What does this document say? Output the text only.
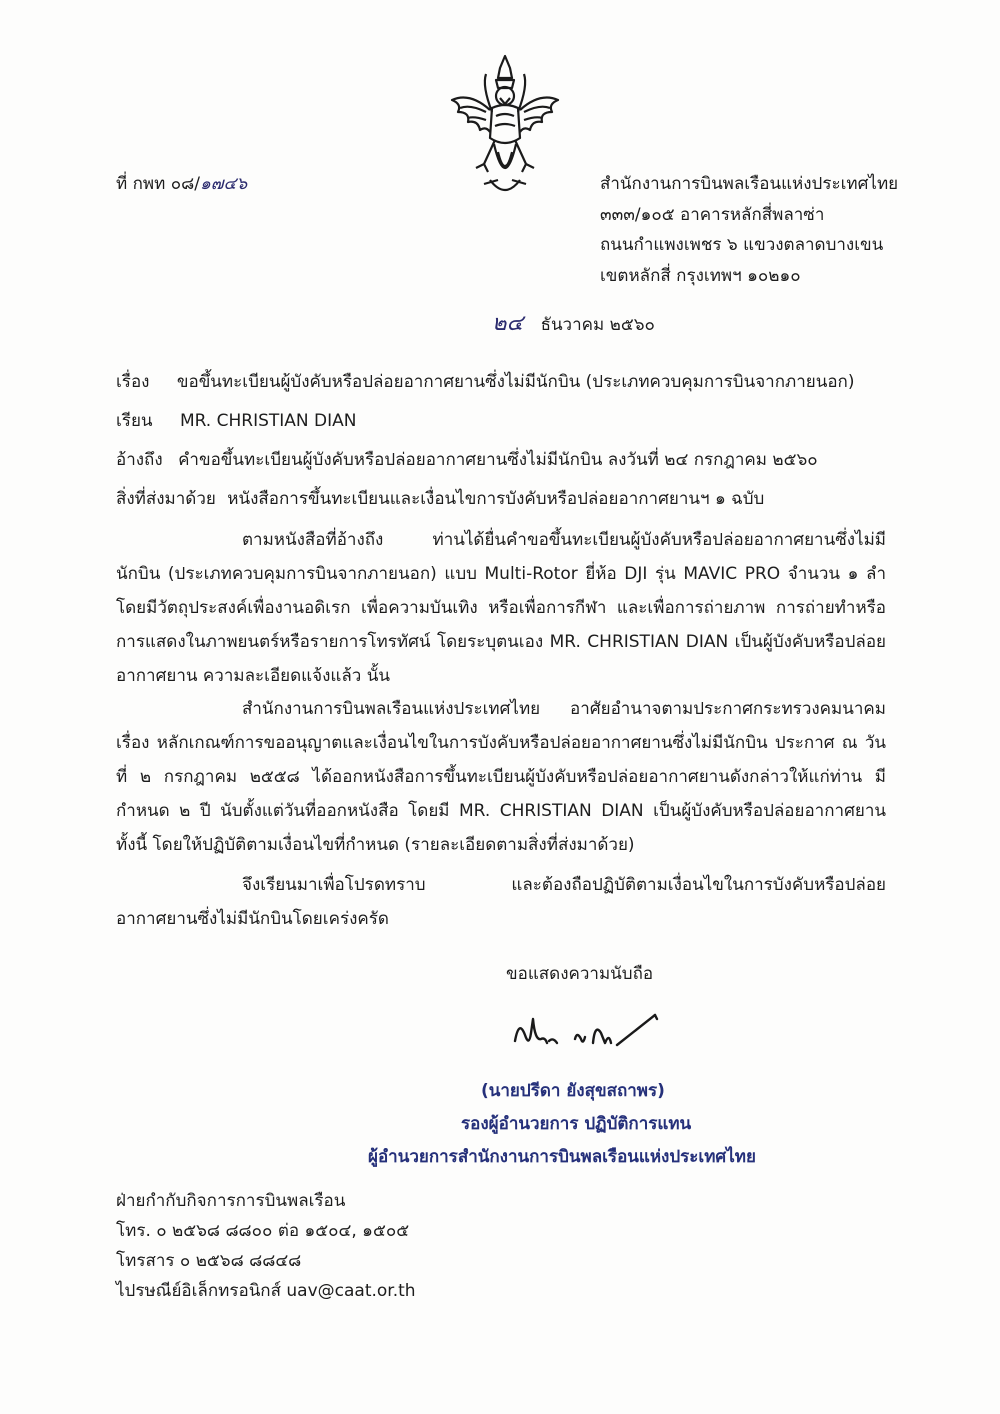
ที่ กพท ๐๘/๑๗๔๖	สำนักงานการบินพลเรือนแห่งประเทศไทย
๓๓๓/๑๐๕ อาคารหลักสี่พลาซ่า
ถนนกำแพงเพชร ๖ แขวงตลาดบางเขน
เขตหลักสี่ กรุงเทพฯ ๑๐๒๑๐
๒๔ ธันวาคม ๒๕๖๐
เรื่อง ขอขึ้นทะเบียนผู้บังคับหรือปล่อยอากาศยานซึ่งไม่มีนักบิน (ประเภทควบคุมการบินจากภายนอก)
เรียน MR. CHRISTIAN DIAN
อ้างถึง คำขอขึ้นทะเบียนผู้บังคับหรือปล่อยอากาศยานซึ่งไม่มีนักบิน ลงวันที่ ๒๔ กรกฎาคม ๒๕๖๐
สิ่งที่ส่งมาด้วย หนังสือการขึ้นทะเบียนและเงื่อนไขการบังคับหรือปล่อยอากาศยานฯ ๑ ฉบับ
ตามหนังสือที่อ้างถึง ท่านได้ยื่นคำขอขึ้นทะเบียนผู้บังคับหรือปล่อยอากาศยานซึ่งไม่มีนักบิน (ประเภทควบคุมการบินจากภายนอก) แบบ Multi-Rotor ยี่ห้อ DJI รุ่น MAVIC PRO จำนวน ๑ ลำ โดยมีวัตถุประสงค์เพื่องานอดิเรก เพื่อความบันเทิง หรือเพื่อการกีฬา และเพื่อการถ่ายภาพ การถ่ายทำหรือการแสดงในภาพยนตร์หรือรายการโทรทัศน์ โดยระบุตนเอง MR. CHRISTIAN DIAN เป็นผู้บังคับหรือปล่อยอากาศยาน ความละเอียดแจ้งแล้ว นั้น
สำนักงานการบินพลเรือนแห่งประเทศไทย อาศัยอำนาจตามประกาศกระทรวงคมนาคม เรื่อง หลักเกณฑ์การขออนุญาตและเงื่อนไขในการบังคับหรือปล่อยอากาศยานซึ่งไม่มีนักบิน ประกาศ ณ วันที่ ๒ กรกฎาคม ๒๕๕๘ ได้ออกหนังสือการขึ้นทะเบียนผู้บังคับหรือปล่อยอากาศยานดังกล่าวให้แก่ท่าน มีกำหนด ๒ ปี นับตั้งแต่วันที่ออกหนังสือ โดยมี MR. CHRISTIAN DIAN เป็นผู้บังคับหรือปล่อยอากาศยาน ทั้งนี้ โดยให้ปฏิบัติตามเงื่อนไขที่กำหนด (รายละเอียดตามสิ่งที่ส่งมาด้วย)
จึงเรียนมาเพื่อโปรดทราบ และต้องถือปฏิบัติตามเงื่อนไขในการบังคับหรือปล่อยอากาศยานซึ่งไม่มีนักบินโดยเคร่งครัด
ขอแสดงความนับถือ
(นายปรีดา ยังสุขสถาพร)
รองผู้อำนวยการ ปฏิบัติการแทน
ผู้อำนวยการสำนักงานการบินพลเรือนแห่งประเทศไทย
ฝ่ายกำกับกิจการการบินพลเรือน
โทร. ๐ ๒๕๖๘ ๘๘๐๐ ต่อ ๑๕๐๔, ๑๕๐๕
โทรสาร ๐ ๒๕๖๘ ๘๘๔๘
ไปรษณีย์อิเล็กทรอนิกส์ uav@caat.or.th
